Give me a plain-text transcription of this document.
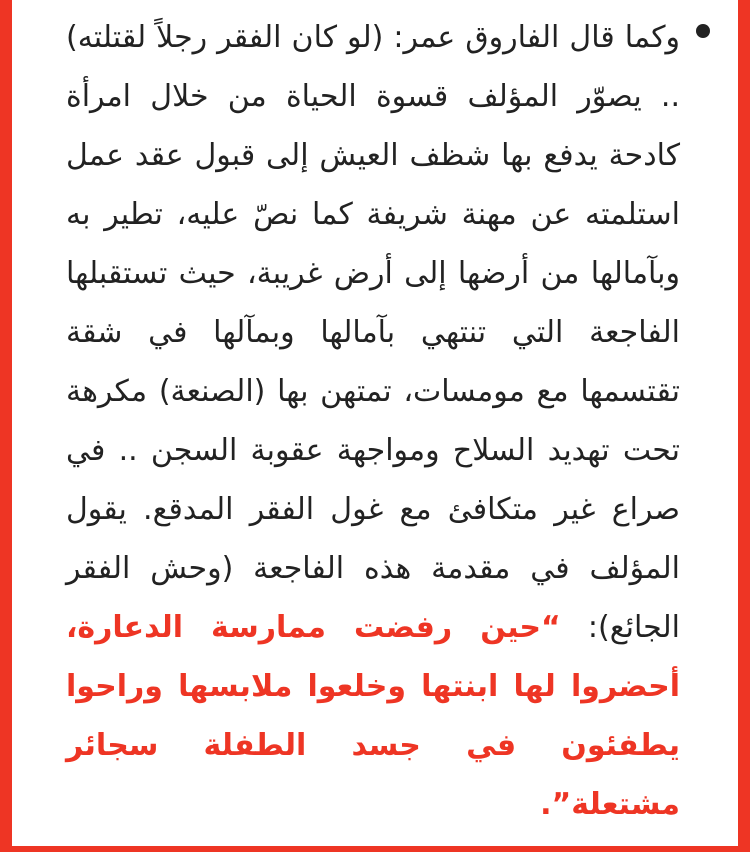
وكما قال الفاروق عمر: (لو كان الفقر رجلاً لقتلته) .. يصوّر المؤلف قسوة الحياة من خلال امرأة كادحة يدفع بها شظف العيش إلى قبول عقد عمل استلمته عن مهنة شريفة كما نصّ عليه، تطير به وبآمالها من أرضها إلى أرض غريبة، حيث تستقبلها الفاجعة التي تنتهي بآمالها وبمآلها في شقة تقتسمها مع مومسات، تمتهن بها (الصنعة) مكرهة تحت تهديد السلاح ومواجهة عقوبة السجن .. في صراع غير متكافئ مع غول الفقر المدقع. يقول المؤلف في مقدمة هذه الفاجعة (وحش الفقر الجائع): “حين رفضت ممارسة الدعارة، أحضروا لها ابنتها وخلعوا ملابسها وراحوا يطفئون في جسد الطفلة سجائر مشتعلة”.
